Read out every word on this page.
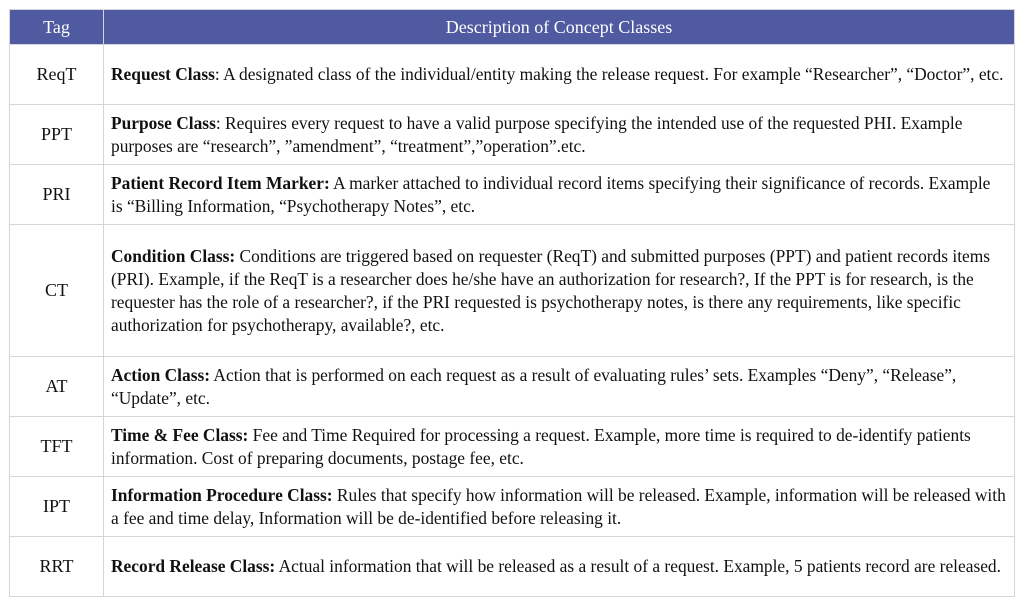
Tag	Description of Concept Classes
ReqT	Request Class: A designated class of the individual/entity making the release request. For example “Researcher”, “Doctor”, etc.
PPT	Purpose Class: Requires every request to have a valid purpose specifying the intended use of the requested PHI. Example purposes are “research”, ”amendment”, “treatment”,”operation”.etc.
PRI	Patient Record Item Marker: A marker attached to individual record items specifying their significance of records. Example is “Billing Information, “Psychotherapy Notes”, etc.
CT	Condition Class: Conditions are triggered based on requester (ReqT) and submitted purposes (PPT) and patient records items (PRI). Example, if the ReqT is a researcher does he/she have an authorization for research?, If the PPT is for research, is the requester has the role of a researcher?, if the PRI requested is psychotherapy notes, is there any requirements, like specific authorization for psychotherapy, available?, etc.
AT	Action Class: Action that is performed on each request as a result of evaluating rules’ sets. Examples “Deny”, “Release”, “Update”, etc.
TFT	Time & Fee Class: Fee and Time Required for processing a request. Example, more time is required to de-identify patients information. Cost of preparing documents, postage fee, etc.
IPT	Information Procedure Class: Rules that specify how information will be released. Example, information will be released with a fee and time delay, Information will be de-identified before releasing it.
RRT	Record Release Class: Actual information that will be released as a result of a request. Example, 5 patients record are released.
